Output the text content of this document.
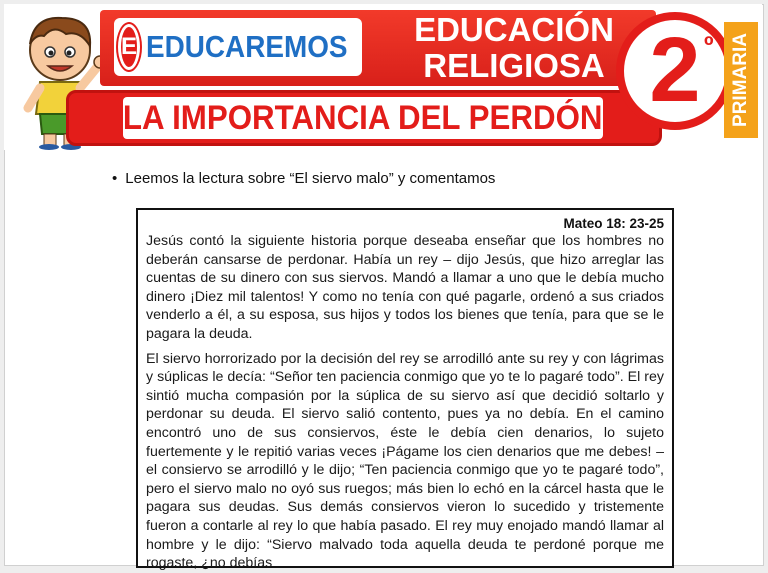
E EDUCAREMOS	EDUCACIÓN
RELIGIOSA
LA IMPORTANCIA DEL PERDÓN 2 º PRIMARIA
• Leemos la lectura sobre “El siervo malo” y comentamos
Mateo 18: 23-25

Jesús contó la siguiente historia porque deseaba enseñar que los hombres no deberán cansarse de perdonar. Había un rey – dijo Jesús, que hizo arreglar las cuentas de su dinero con sus siervos. Mandó a llamar a uno que le debía mucho dinero ¡Diez mil talentos! Y como no tenía con qué pagarle, ordenó a sus criados venderlo a él, a su esposa, sus hijos y todos los bienes que tenía, para que se le pagara la deuda.

El siervo horrorizado por la decisión del rey se arrodilló ante su rey y con lágrimas y súplicas le decía: “Señor ten paciencia conmigo que yo te lo pagaré todo”. El rey sintió mucha compasión por la súplica de su siervo así que decidió soltarlo y perdonar su deuda. El siervo salió contento, pues ya no debía. En el camino encontró uno de sus consiervos, éste le debía cien denarios, lo sujeto fuertemente y le repitió varias veces ¡Págame los cien denarios que me debes! – el consiervo se arrodilló y le dijo; “Ten paciencia conmigo que yo te pagaré todo”, pero el siervo malo no oyó sus ruegos; más bien lo echó en la cárcel hasta que le pagara sus deudas. Sus demás consiervos vieron lo sucedido y tristemente fueron a contarle al rey lo que había pasado. El rey muy enojado mandó llamar al hombre y le dijo: “Siervo malvado toda aquella deuda te perdoné porque me rogaste, ¿no debías
